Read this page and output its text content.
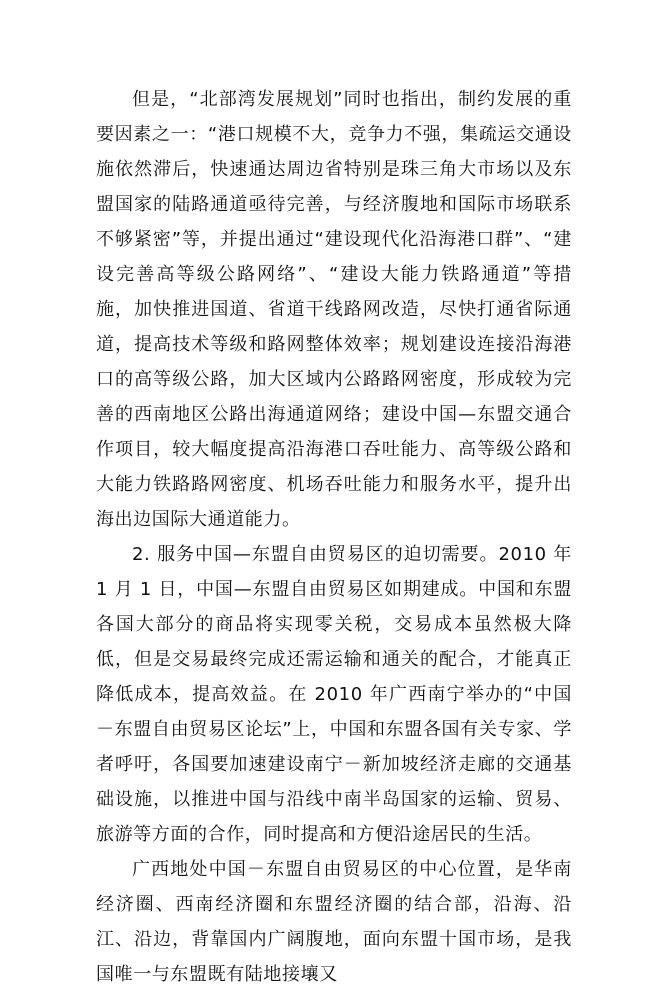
但是，“北部湾发展规划”同时也指出，制约发展的重要因素之一：“港口规模不大，竞争力不强，集疏运交通设施依然滞后，快速通达周边省特别是珠三角大市场以及东盟国家的陆路通道亟待完善，与经济腹地和国际市场联系不够紧密”等，并提出通过“建设现代化沿海港口群”、“建设完善高等级公路网络”、“建设大能力铁路通道”等措施，加快推进国道、省道干线路网改造，尽快打通省际通道，提高技术等级和路网整体效率；规划建设连接沿海港口的高等级公路，加大区域内公路路网密度，形成较为完善的西南地区公路出海通道网络；建设中国—东盟交通合作项目，较大幅度提高沿海港口吞吐能力、高等级公路和大能力铁路路网密度、机场吞吐能力和服务水平，提升出海出边国际大通道能力。

2. 服务中国—东盟自由贸易区的迫切需要。2010 年 1 月 1 日，中国—东盟自由贸易区如期建成。中国和东盟各国大部分的商品将实现零关税，交易成本虽然极大降低，但是交易最终完成还需运输和通关的配合，才能真正降低成本，提高效益。在 2010 年广西南宁举办的“中国－东盟自由贸易区论坛”上，中国和东盟各国有关专家、学者呼吁，各国要加速建设南宁－新加坡经济走廊的交通基础设施，以推进中国与沿线中南半岛国家的运输、贸易、旅游等方面的合作，同时提高和方便沿途居民的生活。

广西地处中国－东盟自由贸易区的中心位置，是华南经济圈、西南经济圈和东盟经济圈的结合部，沿海、沿江、沿边，背靠国内广阔腹地，面向东盟十国市场，是我国唯一与东盟既有陆地接壤又
